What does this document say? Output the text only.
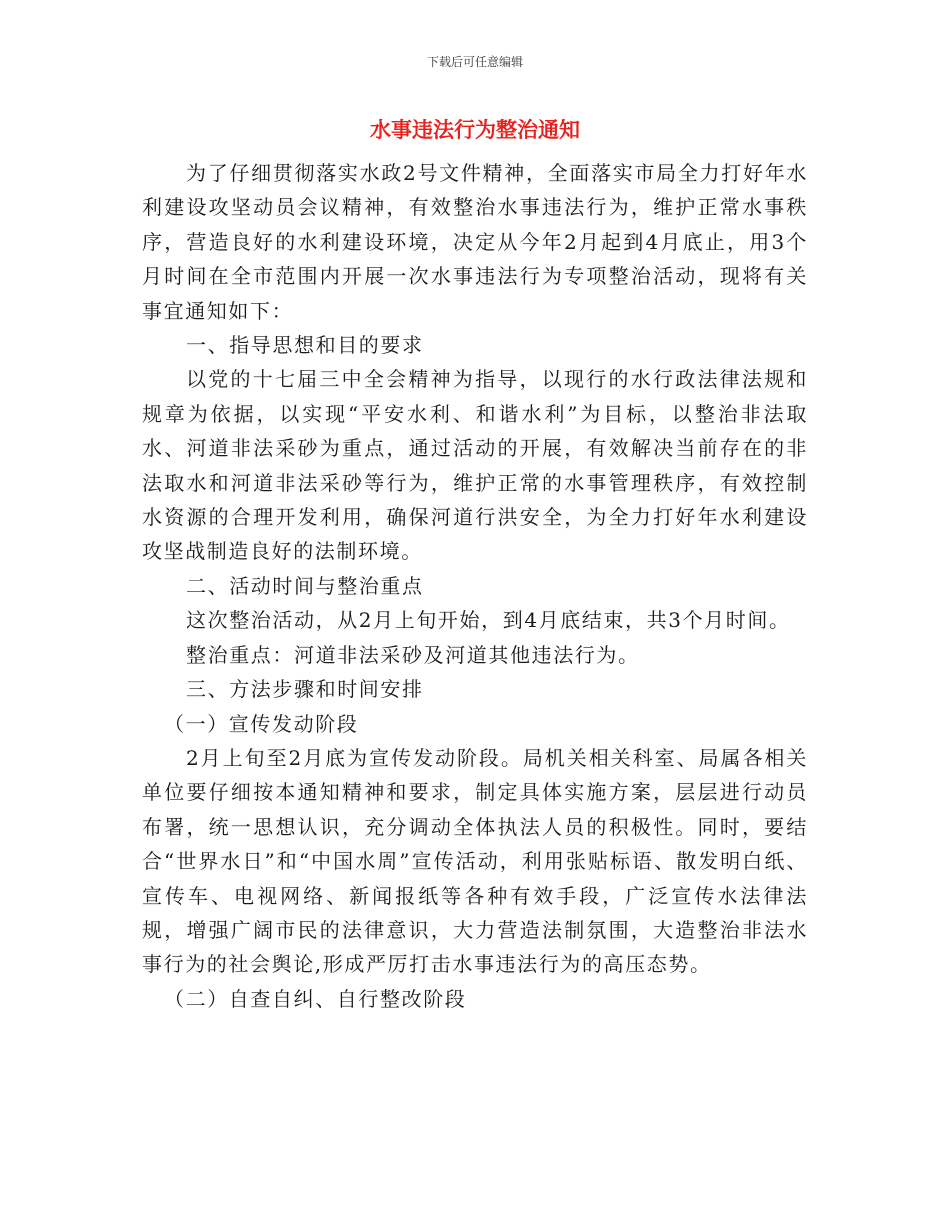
下载后可任意编辑
水事违法行为整治通知

为了仔细贯彻落实水政2号文件精神，全面落实市局全力打好年水利建设攻坚动员会议精神，有效整治水事违法行为，维护正常水事秩序，营造良好的水利建设环境，决定从今年2月起到4月底止，用3个月时间在全市范围内开展一次水事违法行为专项整治活动，现将有关事宜通知如下：

一、指导思想和目的要求

以党的十七届三中全会精神为指导，以现行的水行政法律法规和规章为依据，以实现“平安水利、和谐水利”为目标，以整治非法取水、河道非法采砂为重点，通过活动的开展，有效解决当前存在的非法取水和河道非法采砂等行为，维护正常的水事管理秩序，有效控制水资源的合理开发利用，确保河道行洪安全，为全力打好年水利建设攻坚战制造良好的法制环境。

二、活动时间与整治重点

这次整治活动，从2月上旬开始，到4月底结束，共3个月时间。

整治重点：河道非法采砂及河道其他违法行为。

三、方法步骤和时间安排

（一）宣传发动阶段

2月上旬至2月底为宣传发动阶段。局机关相关科室、局属各相关单位要仔细按本通知精神和要求，制定具体实施方案，层层进行动员布署，统一思想认识，充分调动全体执法人员的积极性。同时，要结合“世界水日”和“中国水周”宣传活动，利用张贴标语、散发明白纸、宣传车、电视网络、新闻报纸等各种有效手段，广泛宣传水法律法规，增强广阔市民的法律意识，大力营造法制氛围，大造整治非法水事行为的社会舆论,形成严厉打击水事违法行为的高压态势。

（二）自查自纠、自行整改阶段
